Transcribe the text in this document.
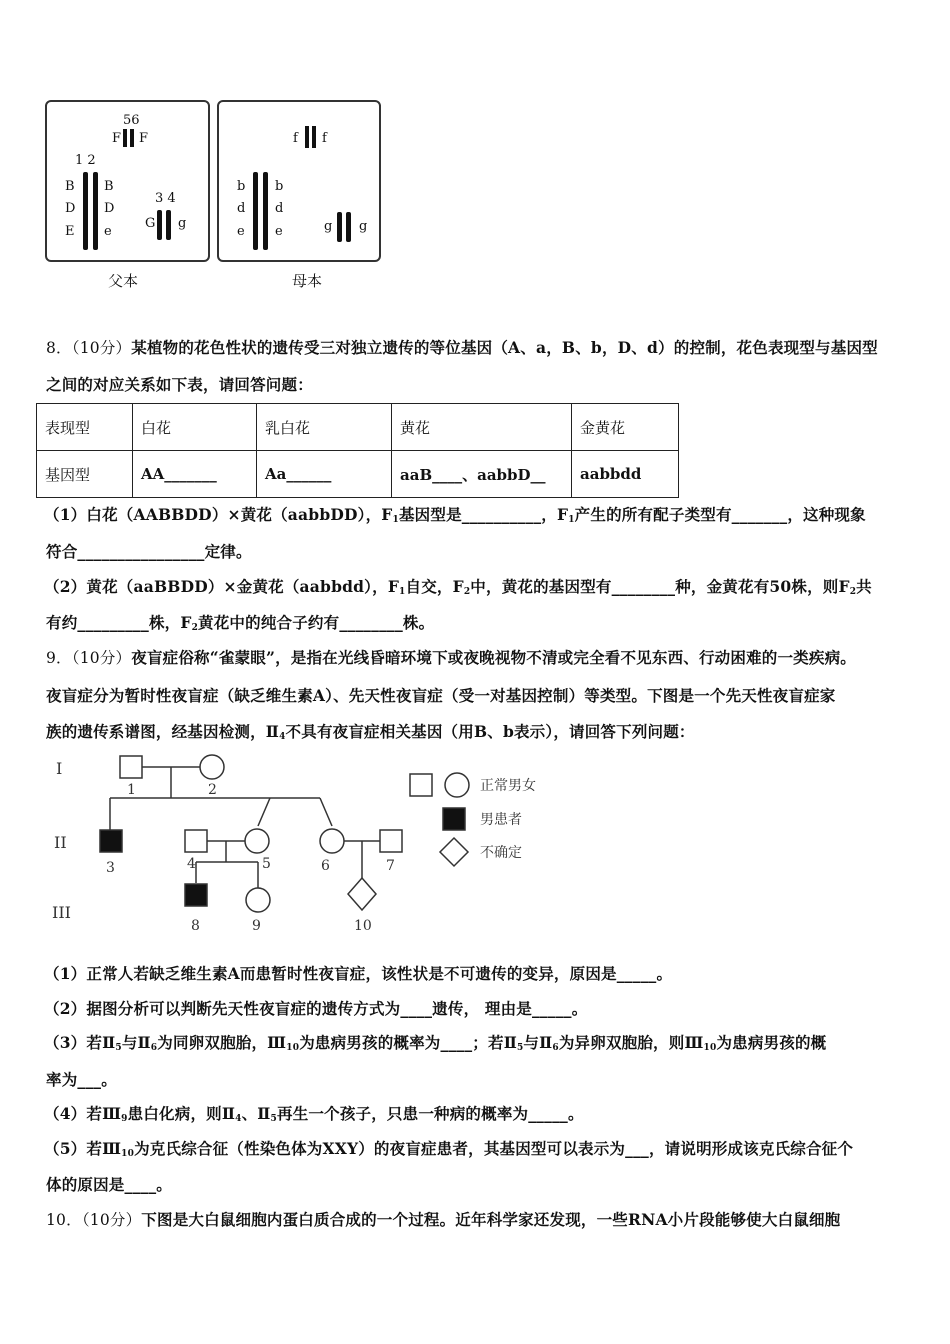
56
F F
1 2
B
D
E
B
D
e
3 4
G g
父本
f f
b
d
e
b
d
e	g g
母本
8．（10分）某植物的花色性状的遗传受三对独立遗传的等位基因（A、a，B、b，D、d）的控制，花色表现型与基因型
之间的对应关系如下表，请回答问题：
表现型	白花	乳白花	黄花	金黄花
基因型	AA_______	Aa______	aaB____、aabbD__	aabbdd
（1）白花（AABBDD）×黄花（aabbDD），$F_1$基因型是__________，$F_1$产生的所有配子类型有_______，这种现象
符合________________定律。
（2）黄花（aaBBDD）×金黄花（aabbdd），$F_1$自交，$F_2$中，黄花的基因型有________种，金黄花有50株，则$F_2$共
有约_________株，$F_2$黄花中的纯合子约有________株。
9．（10分）夜盲症俗称“雀蒙眼”，是指在光线昏暗环境下或夜晚视物不清或完全看不见东西、行动困难的一类疾病。
夜盲症分为暂时性夜盲症（缺乏维生素A）、先天性夜盲症（受一对基因控制）等类型。下图是一个先天性夜盲症家
族的遗传系谱图，经基因检测，$Ⅱ_4$不具有夜盲症相关基因（用B、b表示），请回答下列问题：
I
II
III
1	2
3	4	5	6	7
8	9	10
正常男女
男患者
不确定
（1）正常人若缺乏维生素A而患暂时性夜盲症，该性状是不可遗传的变异，原因是_____。
（2）据图分析可以判断先天性夜盲症的遗传方式为____遗传， 理由是_____。
（3）若$Ⅱ_5$与$Ⅱ_6$为同卵双胞胎，$Ⅲ_{10}$为患病男孩的概率为____；若$Ⅱ_5$与$Ⅱ_6$为异卵双胞胎，则$Ⅲ_{10}$为患病男孩的概
率为___。
（4）若$Ⅲ_9$患白化病，则$Ⅱ_4$、$Ⅱ_5$再生一个孩子，只患一种病的概率为_____。
（5）若$Ⅲ_{10}$为克氏综合征（性染色体为XXY）的夜盲症患者，其基因型可以表示为___，请说明形成该克氏综合征个
体的原因是____。
10．（10分）下图是大白鼠细胞内蛋白质合成的一个过程。近年科学家还发现，一些RNA小片段能够使大白鼠细胞
